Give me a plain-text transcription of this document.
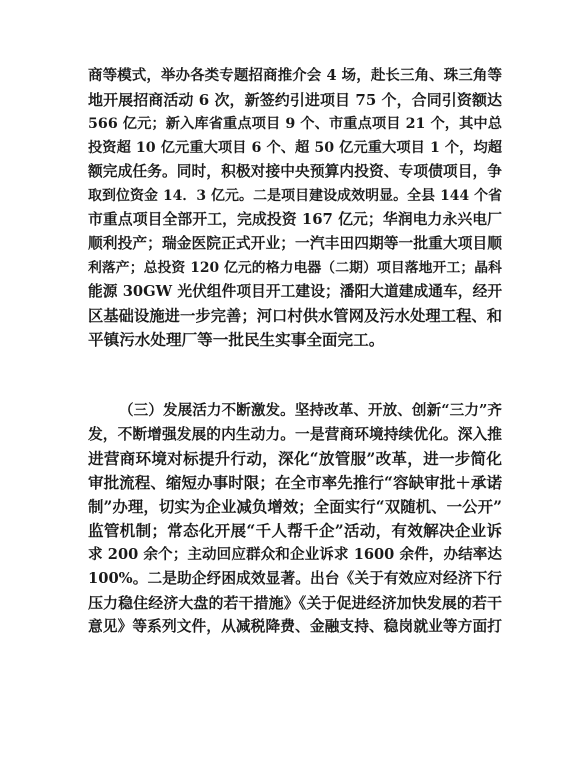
商等模式，举办各类专题招商推介会 4 场，赴长三角、珠三角等
地开展招商活动 6 次，新签约引进项目 75 个，合同引资额达
566 亿元；新入库省重点项目 9 个、市重点项目 21 个，其中总
投资超 10 亿元重大项目 6 个、超 50 亿元重大项目 1 个，均超
额完成任务。同时，积极对接中央预算内投资、专项债项目，争
取到位资金 14．3 亿元。二是项目建设成效明显。全县 144 个省
市重点项目全部开工，完成投资 167 亿元；华润电力永兴电厂
顺利投产；瑞金医院正式开业；一汽丰田四期等一批重大项目顺
利落产；总投资 120 亿元的格力电器（二期）项目落地开工；晶科
能源 30GW 光伏组件项目开工建设；潘阳大道建成通车，经开
区基础设施进一步完善；河口村供水管网及污水处理工程、和
平镇污水处理厂等一批民生实事全面完工。
（三）发展活力不断激发。坚持改革、开放、创新“三力”齐
发，不断增强发展的内生动力。一是营商环境持续优化。深入推
进营商环境对标提升行动，深化“放管服”改革，进一步简化
审批流程、缩短办事时限；在全市率先推行“容缺审批＋承诺
制”办理，切实为企业减负增效；全面实行“双随机、一公开”
监管机制；常态化开展“千人帮千企”活动，有效解决企业诉
求 200 余个；主动回应群众和企业诉求 1600 余件，办结率达
100%。二是助企纾困成效显著。出台《关于有效应对经济下行
压力稳住经济大盘的若干措施》《关于促进经济加快发展的若干
意见》等系列文件，从减税降费、金融支持、稳岗就业等方面打
